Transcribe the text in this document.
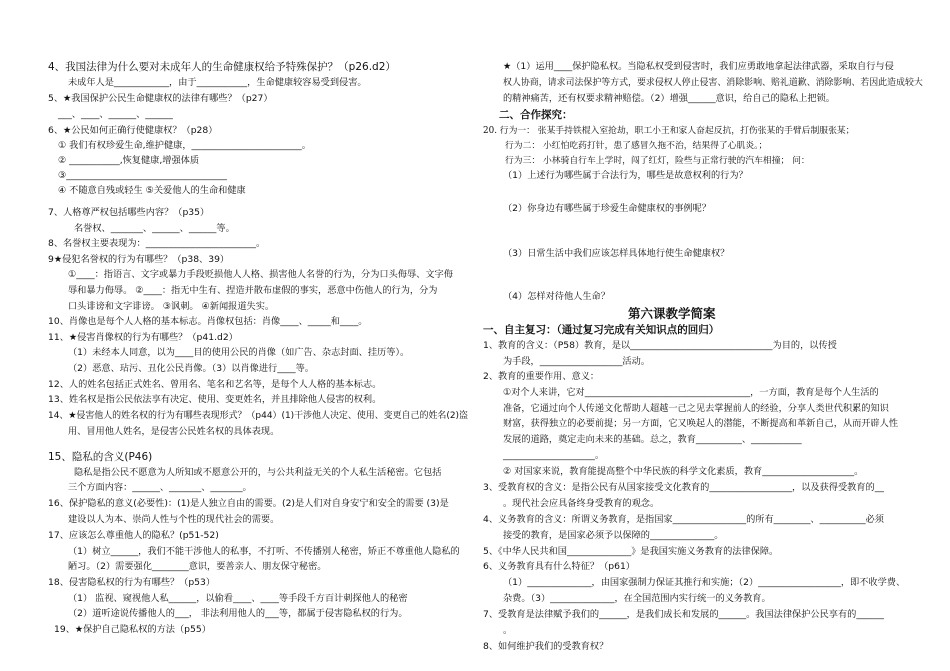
4、我国法律为什么要对未成年人的生命健康权给予特殊保护？（p26.d2）
未成年人是____________，由于___________，生命健康较容易受到侵害。
5、★我国保护公民生命健康权的法律有哪些？（p27）
___、____、______、______
6、★公民如何正确行使健康权？（p28）
① 我们有权珍爱生命,维护健康，________________________。
② ___________,恢复健康,增强体质
③___________________________________
④ 不随意自残或轻生 ⑤关爱他人的生命和健康
7、人格尊严权包括哪些内容？（p35）
名誉权、_______、______、______等。
8、名誉权主要表现为：________________________。
9★侵犯名誉权的行为有哪些？（p38、39）
①____：指语言、文字或暴力手段贬损他人人格、损害他人名誉的行为，分为口头侮辱、文字侮
辱和暴力侮辱。 ②____：指无中生有、捏造并散布虚假的事实，恶意中伤他人的行为，分为
口头诽谤和文字诽谤。 ③讽刺。 ④新闻报道失实。
10、肖像也是每个人人格的基本标志。肖像权包括：肖像____、_____和____。
11、★侵害肖像权的行为有哪些？（p41.d2）
（1）未经本人同意，以为____目的使用公民的肖像（如广告、杂志封面、挂历等）。
（2）恶意、玷污、丑化公民肖像。（3）以肖像进行____等。
12、人的姓名包括正式姓名、曾用名、笔名和艺名等，是每个人人格的基本标志。
13、姓名权是指公民依法享有决定、使用、变更姓名，并且排除他人侵害的权利。
14、★侵害他人的姓名权的行为有哪些表现形式？（p44）(1)干涉他人决定、使用、变更自己的姓名(2)盗
用、冒用他人姓名，是侵害公民姓名权的具体表现。
15、隐私的含义(P46)
隐私是指公民不愿意为人所知或不愿意公开的，与公共利益无关的个人私生活秘密。它包括
三个方面内容：______、_______、_______。
16、保护隐私的意义(必要性)：(1)是人独立自由的需要。(2)是人们对自身安宁和安全的需要 (3)是
建设以人为本、崇尚人性与个性的现代社会的需要。
17、应该怎么尊重他人的隐私？(p51-52)
（1）树立______，我们不能干涉他人的私事，不打听、不传播别人秘密，矫正不尊重他人隐私的
陋习。（2）需要强化________意识，要善亲人、朋友保守秘密。
18、侵害隐私权的行为有哪些？（p53）
（1） 监视、窥视他人私______，以偷看____、____等手段千方百计刺探他人的秘密
（2）道听途说传播他人的___， 非法利用他人的___等，都属于侵害隐私权的行为。
19、★保护自己隐私权的方法（p55）
★（1）运用____保护隐私权。当隐私权受到侵害时，我们应勇敢地拿起法律武器，采取自行与侵
权人协商，请求司法保护等方式，要求侵权人停止侵害、消除影响、赔礼道歉、消除影响、若因此造成较大
的精神痛苦，还有权要求精神赔偿。（2）增强______意识，给自己的隐私上把锁。
二、合作探究：
20. 行为一： 张某手持铁棍入室抢劫，职工小王和家人奋起反抗，打伤张某的手臂后制服张某；
行为二： 小红怕吃药打针，患了感冒久拖不治，结果得了心肌炎。；
行为三： 小林骑自行车上学时，闯了红灯，险些与正常行驶的汽车相撞； 问：
（1）上述行为哪些属于合法行为，哪些是故意权利的行为？
（2）你身边有哪些属于珍爱生命健康权的事例呢？
（3）日常生活中我们应该怎样具体地行使生命健康权？
（4）怎样对待他人生命？
第六课教学简案
一、自主复习：（通过复习完成有关知识点的回归）
1、教育的含义：（P58）教育，是以_______________________________为目的，以传授
为手段，__________________活动。
2、教育的重要作用、意义：
①对个人来讲，它对____________________________________，一方面，教育是每个人生活的
准备，它通过向个人传递文化帮助人超越一己之见去掌握前人的经验，分享人类世代积累的知识
财富，获得独立的必要前提；另一方面，它又唤起人的潜能，不断提高和革新自己，从而开辟人性
发展的道路，奠定走向未来的基础。总之，教育__________、___________
____________________。
② 对国家来说，教育能提高整个中华民族的科学文化素质，教育____________________。
3、受教育权的含义：是指公民有从国家接受文化教育的__________________，以及获得受教育的__
。现代社会应具备终身受教育的观念。
4、义务教育的含义：所谓义务教育，是指国家________________的所有________、__________必须
接受的教育，是国家必须予以保障的______________。
5、《中华人民共和国______________》是我国实施义务教育的法律保障。
6、义务教育具有什么特征？（p61）
（1）______________，由国家强制力保证其推行和实施；（2）__________________，即不收学费、
杂费。（3）______________，在全国范围内实行统一的义务教育。
7、受教育是法律赋予我们的______，是我们成长和发展的______。我国法律保护公民享有的______
。
8、如何维护我们的受教育权？
